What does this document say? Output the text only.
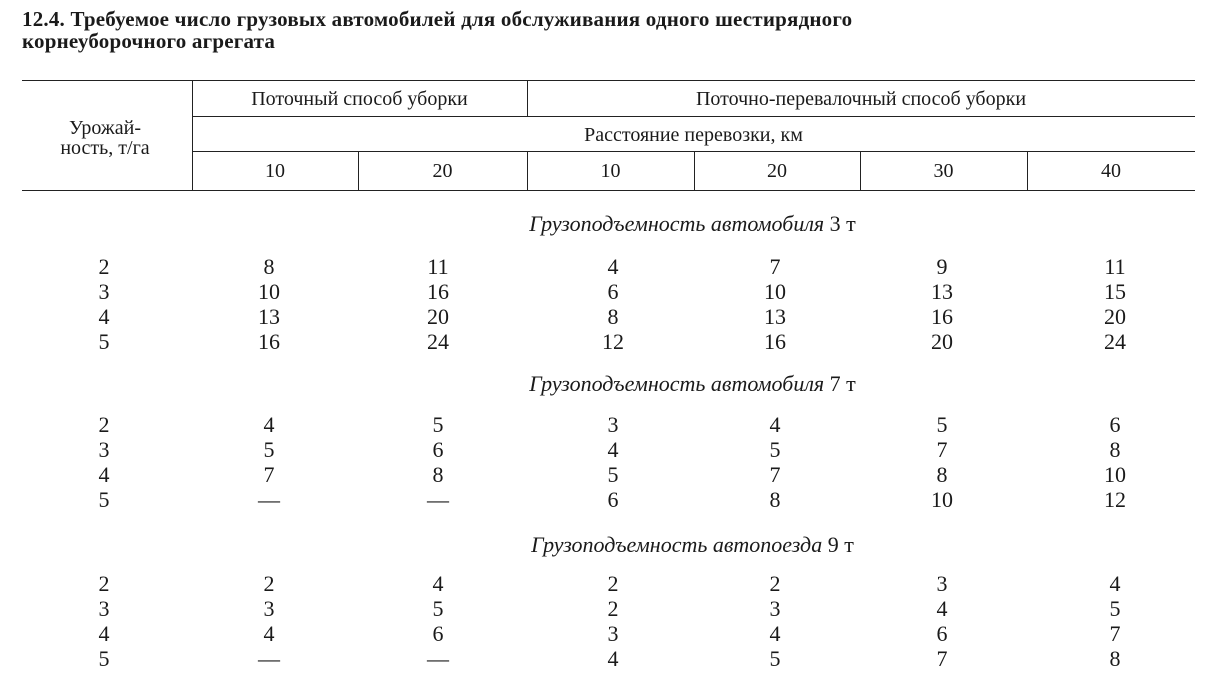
12.4. Требуемое число грузовых автомобилей для обслуживания одного шестирядного
корнеуборочного агрегата
Урожай-
ность, т/га
Поточный способ уборки	Поточно-перевалочный способ уборки
Расстояние перевозки, км
10	20	10	20	30	40
Грузоподъемность автомобиля 3 т
2	8	11	4	7	9	11
3	10	16	6	10	13	15
4	13	20	8	13	16	20
5	16	24	12	16	20	24
Грузоподъемность автомобиля 7 т
2	4	5	3	4	5	6
3	5	6	4	5	7	8
4	7	8	5	7	8	10
5	—	—	6	8	10	12
Грузоподъемность автопоезда 9 т
2	2	4	2	2	3	4
3	3	5	2	3	4	5
4	4	6	3	4	6	7
5	—	—	4	5	7	8
